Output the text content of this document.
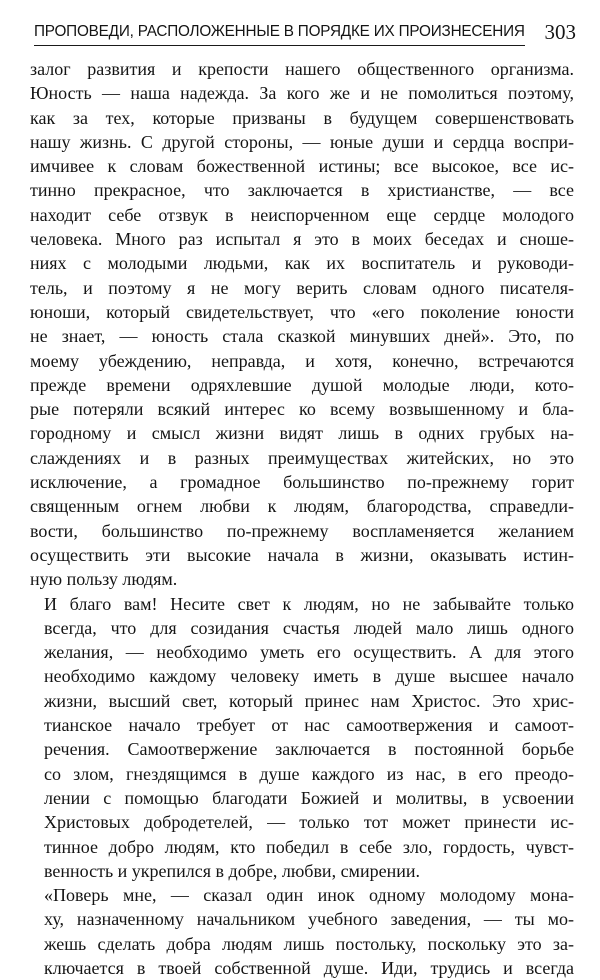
ПРОПОВЕДИ, РАСПОЛОЖЕННЫЕ В ПОРЯДКЕ ИХ ПРОИЗНЕСЕНИЯ 303

залог развития и крепости нашего общественного организма.
Юность — наша надежда. За кого же и не помолиться поэтому,
как за тех, которые призваны в будущем совершенствовать
нашу жизнь. С другой стороны, — юные души и сердца воспри-
имчивее к словам божественной истины; все высокое, все ис-
тинно прекрасное, что заключается в христианстве, — все
находит себе отзвук в неиспорченном еще сердце молодого
человека. Много раз испытал я это в моих беседах и сноше-
ниях с молодыми людьми, как их воспитатель и руководи-
тель, и поэтому я не могу верить словам одного писателя-
юноши, который свидетельствует, что «его поколение юности
не знает, — юность стала сказкой минувших дней». Это, по
моему убеждению, неправда, и хотя, конечно, встречаются
прежде времени одряхлевшие душой молодые люди, кото-
рые потеряли всякий интерес ко всему возвышенному и бла-
городному и смысл жизни видят лишь в одних грубых на-
слаждениях и в разных преимуществах житейских, но это
исключение, а громадное большинство по-прежнему горит
священным огнем любви к людям, благородства, справедли-
вости, большинство по-прежнему воспламеняется желанием
осуществить эти высокие начала в жизни, оказывать истин-
ную пользу людям.

И благо вам! Несите свет к людям, но не забывайте только
всегда, что для созидания счастья людей мало лишь одного
желания, — необходимо уметь его осуществить. А для этого
необходимо каждому человеку иметь в душе высшее начало
жизни, высший свет, который принес нам Христос. Это хрис-
тианское начало требует от нас самоотвержения и самоот-
речения. Самоотвержение заключается в постоянной борьбе
со злом, гнездящимся в душе каждого из нас, в его преодо-
лении с помощью благодати Божией и молитвы, в усвоении
Христовых добродетелей, — только тот может принести ис-
тинное добро людям, кто победил в себе зло, гордость, чувст-
венность и укрепился в добре, любви, смирении.

«Поверь мне, — сказал один инок одному молодому мона-
ху, назначенному начальником учебного заведения, — ты мо-
жешь сделать добра людям лишь постольку, поскольку это за-
ключается в твоей собственной душе. Иди, трудись и всегда
